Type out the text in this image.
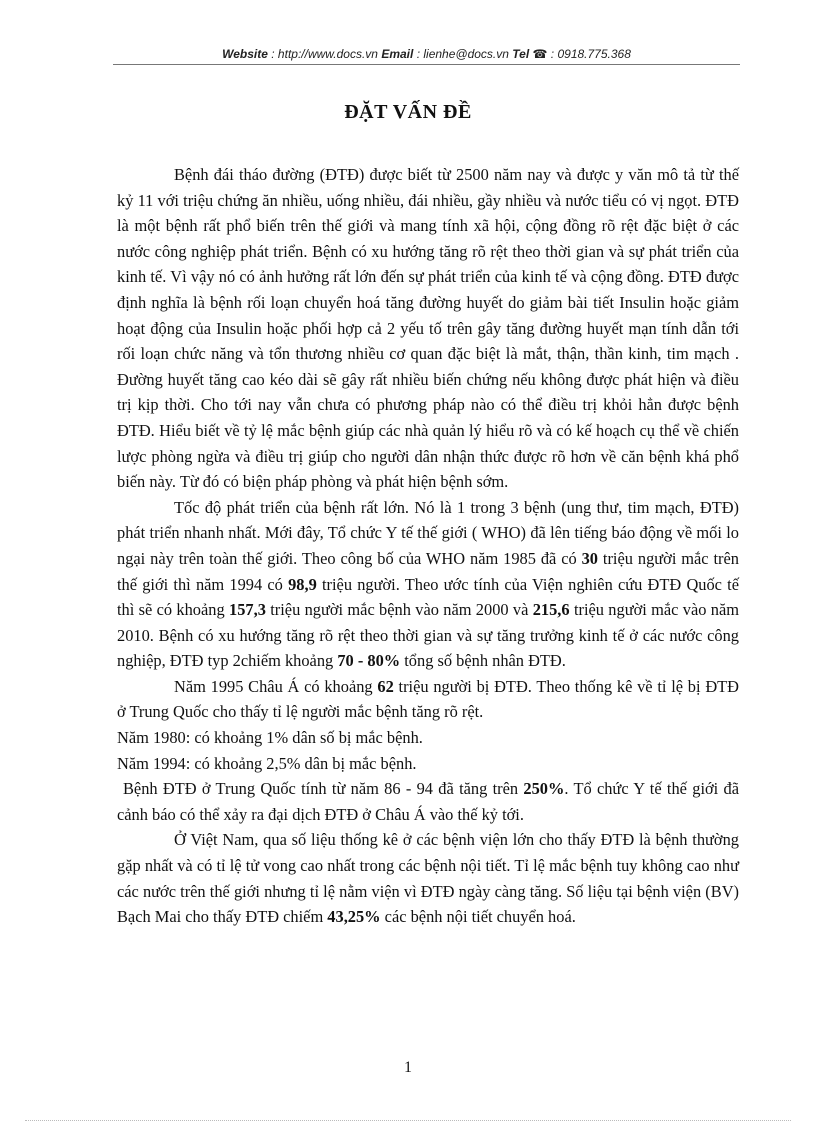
Website : http://www.docs.vn Email : lienhe@docs.vn Tel ☎ : 0918.775.368
ĐẶT VẤN ĐỀ

Bệnh đái tháo đường (ĐTĐ) được biết từ 2500 năm nay và được y văn mô tả từ thế kỷ 11 với triệu chứng ăn nhiều, uống nhiều, đái nhiều, gầy nhiều và nước tiểu có vị ngọt. ĐTĐ là một bệnh rất phổ biến trên thế giới và mang tính xã hội, cộng đồng rõ rệt đặc biệt ở các nước công nghiệp phát triển. Bệnh có xu hướng tăng rõ rệt theo thời gian và sự phát triển của kinh tế. Vì vậy nó có ảnh hưởng rất lớn đến sự phát triển của kinh tế và cộng đồng. ĐTĐ được định nghĩa là bệnh rối loạn chuyển hoá tăng đường huyết do giảm bài tiết Insulin hoặc giảm hoạt động của Insulin hoặc phối hợp cả 2 yếu tố trên gây tăng đường huyết mạn tính dẫn tới rối loạn chức năng và tổn thương nhiều cơ quan đặc biệt là mắt, thận, thần kinh, tim mạch . Đường huyết tăng cao kéo dài sẽ gây rất nhiều biến chứng nếu không được phát hiện và điều trị kịp thời. Cho tới nay vẫn chưa có phương pháp nào có thể điều trị khỏi hẳn được bệnh ĐTĐ. Hiểu biết về tỷ lệ mắc bệnh giúp các nhà quản lý hiểu rõ và có kế hoạch cụ thể về chiến lược phòng ngừa và điều trị giúp cho người dân nhận thức được rõ hơn về căn bệnh khá phổ biến này. Từ đó có biện pháp phòng và phát hiện bệnh sớm.

Tốc độ phát triển của bệnh rất lớn. Nó là 1 trong 3 bệnh (ung thư, tim mạch, ĐTĐ) phát triển nhanh nhất. Mới đây, Tổ chức Y tế thế giới ( WHO) đã lên tiếng báo động về mối lo ngại này trên toàn thế giới. Theo công bố của WHO năm 1985 đã có 30 triệu người mắc trên thế giới thì năm 1994 có 98,9 triệu người. Theo ước tính của Viện nghiên cứu ĐTĐ Quốc tế thì sẽ có khoảng 157,3 triệu người mắc bệnh vào năm 2000 và 215,6 triệu người mắc vào năm 2010. Bệnh có xu hướng tăng rõ rệt theo thời gian và sự tăng trưởng kinh tế ở các nước công nghiệp, ĐTĐ typ 2chiếm khoảng 70 - 80% tổng số bệnh nhân ĐTĐ.

Năm 1995 Châu Á có khoảng 62 triệu người bị ĐTĐ. Theo thống kê về tỉ lệ bị ĐTĐ ở Trung Quốc cho thấy tỉ lệ người mắc bệnh tăng rõ rệt.

Năm 1980: có khoảng 1% dân số bị mắc bệnh.

Năm 1994: có khoảng 2,5% dân bị mắc bệnh.

Bệnh ĐTĐ ở Trung Quốc tính từ năm 86 - 94 đã tăng trên 250%. Tổ chức Y tế thế giới đã cảnh báo có thể xảy ra đại dịch ĐTĐ ở Châu Á vào thế kỷ tới.

Ở Việt Nam, qua số liệu thống kê ở các bệnh viện lớn cho thấy ĐTĐ là bệnh thường gặp nhất và có tỉ lệ tử vong cao nhất trong các bệnh nội tiết. Tỉ lệ mắc bệnh tuy không cao như các nước trên thế giới nhưng tỉ lệ nằm viện vì ĐTĐ ngày càng tăng. Số liệu tại bệnh viện (BV) Bạch Mai cho thấy ĐTĐ chiếm 43,25% các bệnh nội tiết chuyển hoá.

1
